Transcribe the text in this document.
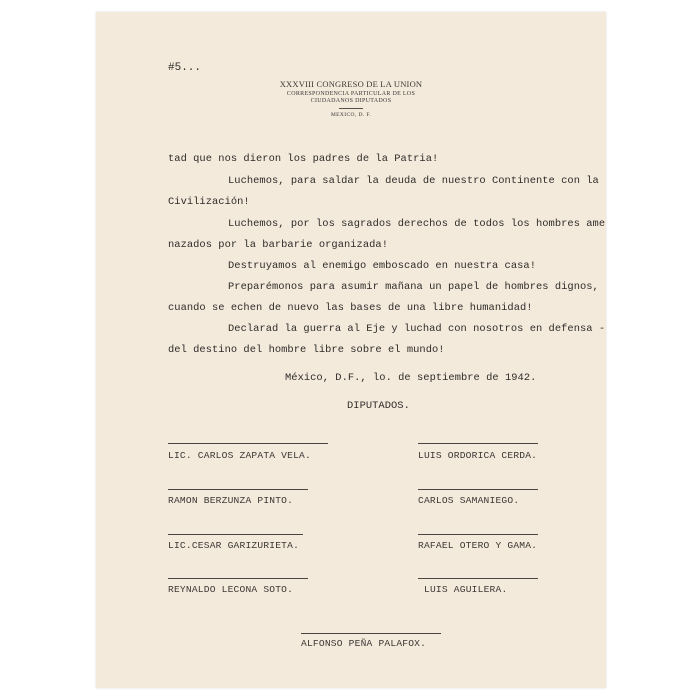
#5...
XXXVIII CONGRESO DE LA UNION
CORRESPONDENCIA PARTICULAR DE LOS
CIUDADANOS DIPUTADOS
MEXICO, D. F.
tad que nos dieron los padres de la Patria!
Luchemos, para saldar la deuda de nuestro Continente con la
Civilización!
Luchemos, por los sagrados derechos de todos los hombres ame
nazados por la barbarie organizada!
Destruyamos al enemigo emboscado en nuestra casa!
Preparémonos para asumir mañana un papel de hombres dignos,
cuando se echen de nuevo las bases de una libre humanidad!
Declarad la guerra al Eje y luchad con nosotros en defensa -
del destino del hombre libre sobre el mundo!
México, D.F., lo. de septiembre de 1942.
DIPUTADOS.
LIC. CARLOS ZAPATA VELA.	LUIS ORDORICA CERDA.
RAMON BERZUNZA PINTO.	CARLOS SAMANIEGO.
LIC.CESAR GARIZURIETA.	RAFAEL OTERO Y GAMA.
REYNALDO LECONA SOTO.	LUIS AGUILERA.
ALFONSO PEÑA PALAFOX.
